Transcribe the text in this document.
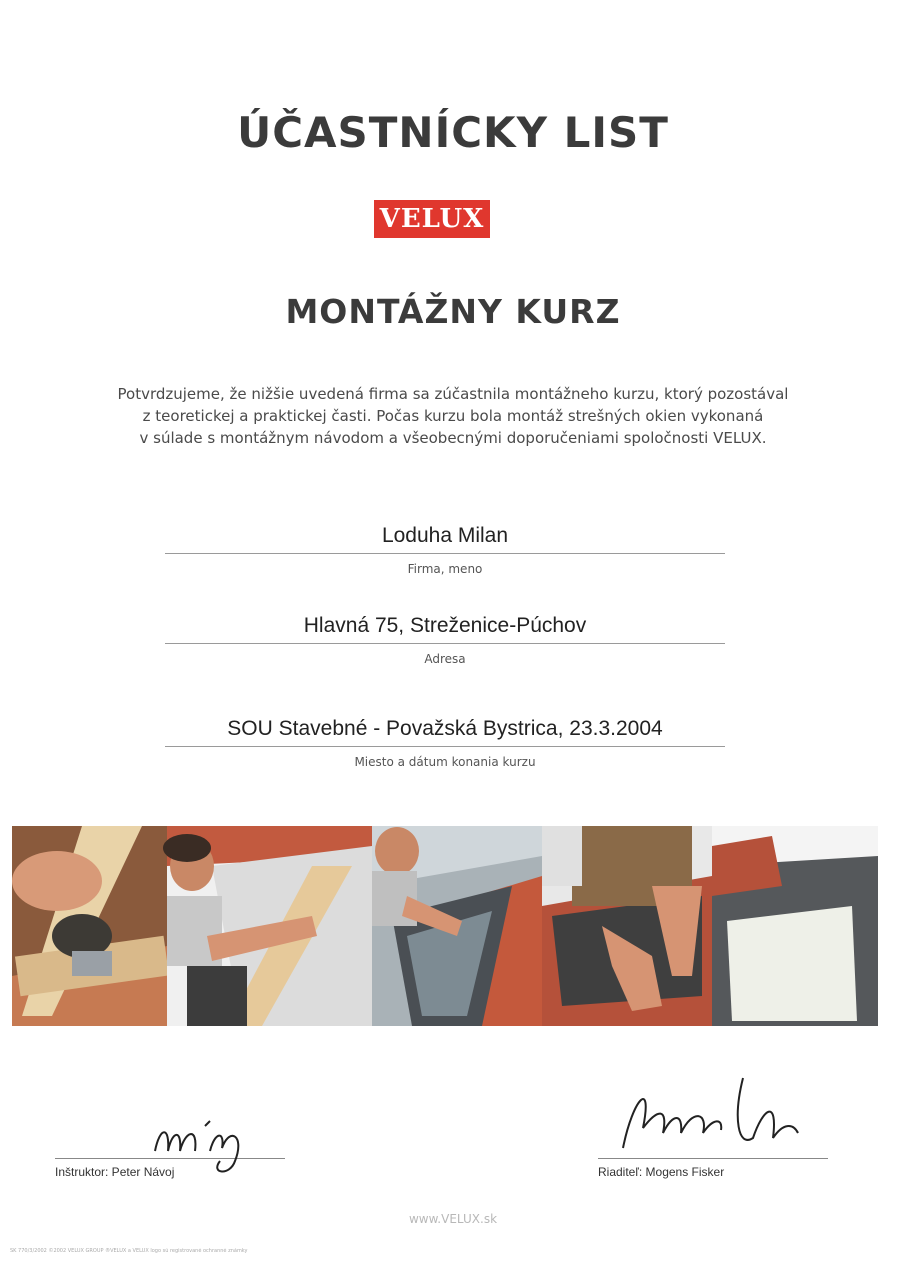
ÚČASTNÍCKY LIST
VELUX
MONTÁŽNY KURZ
Potvrdzujeme, že nižšie uvedená firma sa zúčastnila montážneho kurzu, ktorý pozostával
z teoretickej a praktickej časti. Počas kurzu bola montáž strešných okien vykonaná
v súlade s montážnym návodom a všeobecnými doporučeniami spoločnosti VELUX.
Loduha Milan
Firma, meno
Hlavná 75, Streženice-Púchov
Adresa
SOU Stavebné - Považská Bystrica, 23.3.2004
Miesto a dátum konania kurzu
Inštruktor: Peter Návoj	Riaditeľ: Mogens Fisker
www.VELUX.sk
SK 770/3/2002 ©2002 VELUX GROUP ®VELUX a VELUX logo sú registrované ochranné známky
